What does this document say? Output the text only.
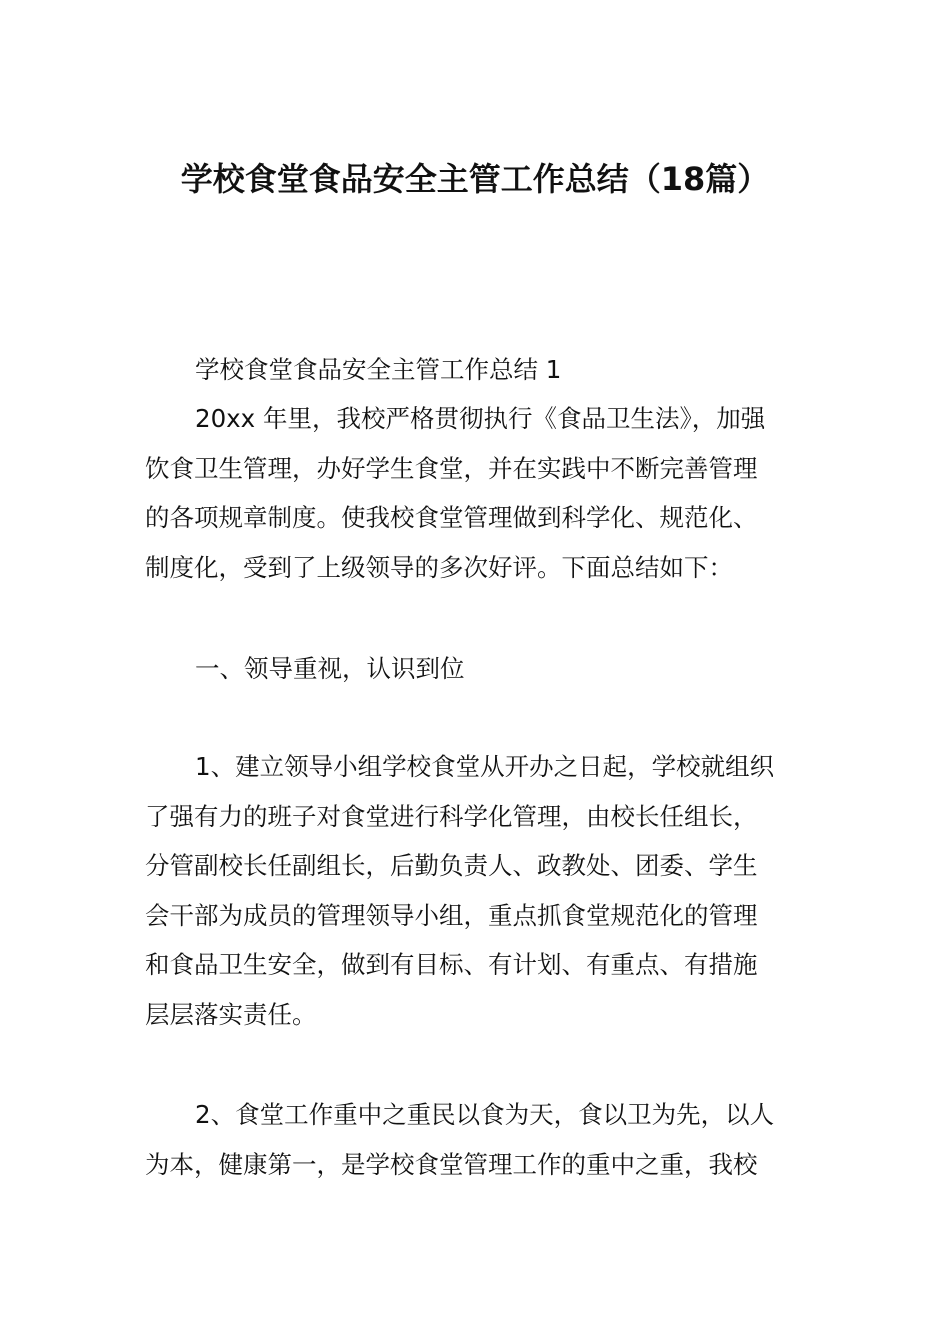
学校食堂食品安全主管工作总结（18篇）
学校食堂食品安全主管工作总结 1
20xx 年里，我校严格贯彻执行《食品卫生法》，加强
饮食卫生管理，办好学生食堂，并在实践中不断完善管理
的各项规章制度。使我校食堂管理做到科学化、规范化、
制度化，受到了上级领导的多次好评。下面总结如下：
一、领导重视，认识到位
1、建立领导小组学校食堂从开办之日起，学校就组织
了强有力的班子对食堂进行科学化管理，由校长任组长，
分管副校长任副组长，后勤负责人、政教处、团委、学生
会干部为成员的管理领导小组，重点抓食堂规范化的管理
和食品卫生安全，做到有目标、有计划、有重点、有措施
层层落实责任。
2、食堂工作重中之重民以食为天，食以卫为先，以人
为本，健康第一，是学校食堂管理工作的重中之重，我校
